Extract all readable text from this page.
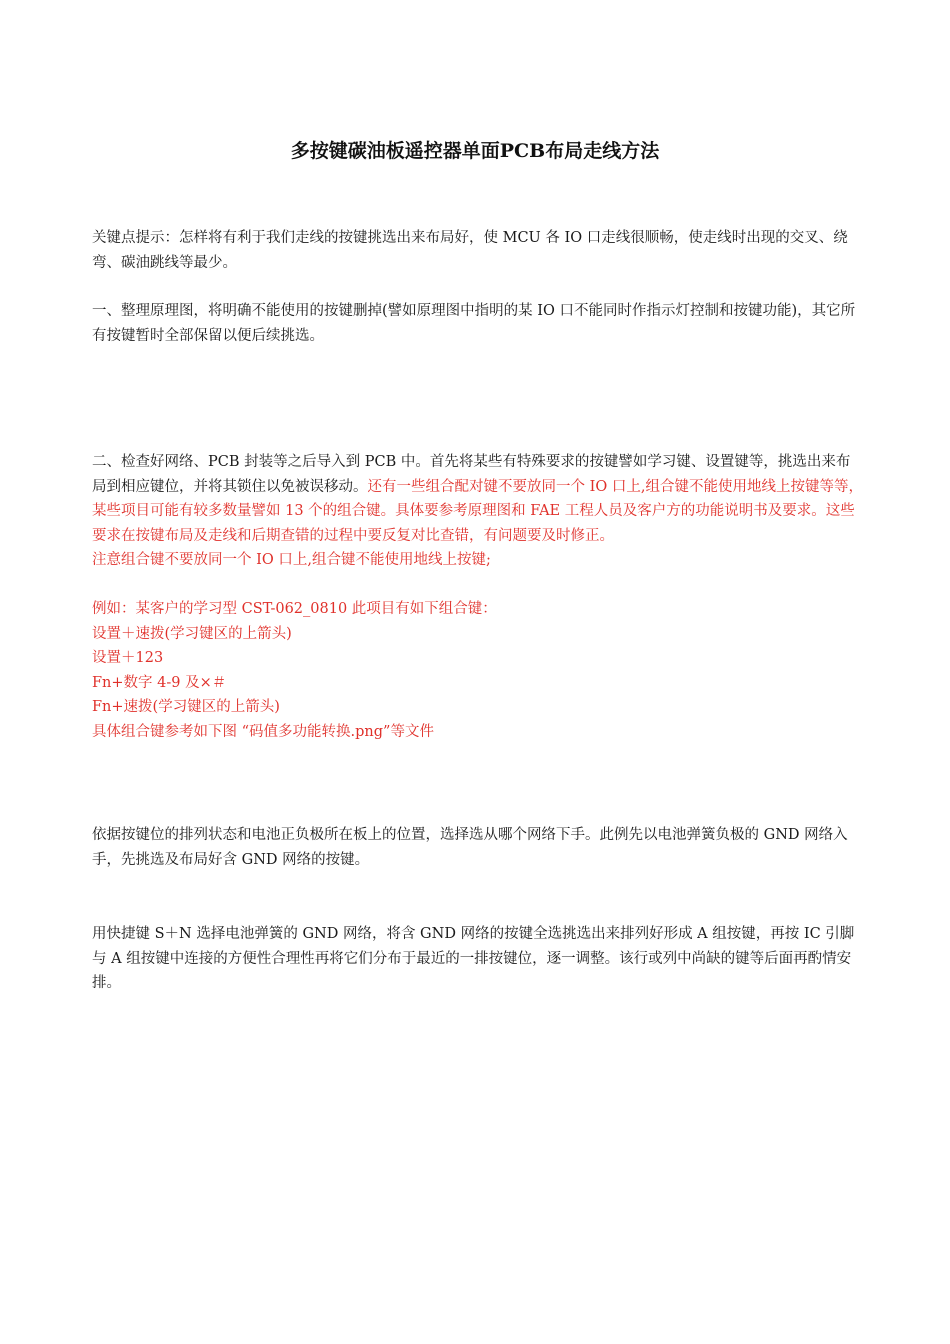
多按键碳油板遥控器单面PCB布局走线方法

关键点提示：怎样将有利于我们走线的按键挑选出来布局好，使 MCU 各 IO 口走线很顺畅，使走线时出现的交叉、绕弯、碳油跳线等最少。

一、整理原理图，将明确不能使用的按键删掉(譬如原理图中指明的某 IO 口不能同时作指示灯控制和按键功能)，其它所有按键暂时全部保留以便后续挑选。

二、检查好网络、PCB 封装等之后导入到 PCB 中。首先将某些有特殊要求的按键譬如学习键、设置键等，挑选出来布局到相应键位，并将其锁住以免被误移动。还有一些组合配对键不要放同一个 IO 口上,组合键不能使用地线上按键等等，某些项目可能有较多数量譬如 13 个的组合键。具体要参考原理图和 FAE 工程人员及客户方的功能说明书及要求。这些要求在按键布局及走线和后期查错的过程中要反复对比查错，有问题要及时修正。

注意组合键不要放同一个 IO 口上,组合键不能使用地线上按键;

例如：某客户的学习型 CST-062_0810 此项目有如下组合键：

设置＋速拨(学习键区的上箭头)

设置＋123

Fn+数字 4-9 及×＃

Fn+速拨(学习键区的上箭头)

具体组合键参考如下图 “码值多功能转换.png”等文件

依据按键位的排列状态和电池正负极所在板上的位置，选择选从哪个网络下手。此例先以电池弹簧负极的 GND 网络入手，先挑选及布局好含 GND 网络的按键。

用快捷键 S＋N 选择电池弹簧的 GND 网络，将含 GND 网络的按键全选挑选出来排列好形成 A 组按键，再按 IC 引脚与 A 组按键中连接的方便性合理性再将它们分布于最近的一排按键位，逐一调整。该行或列中尚缺的键等后面再酌情安排。
